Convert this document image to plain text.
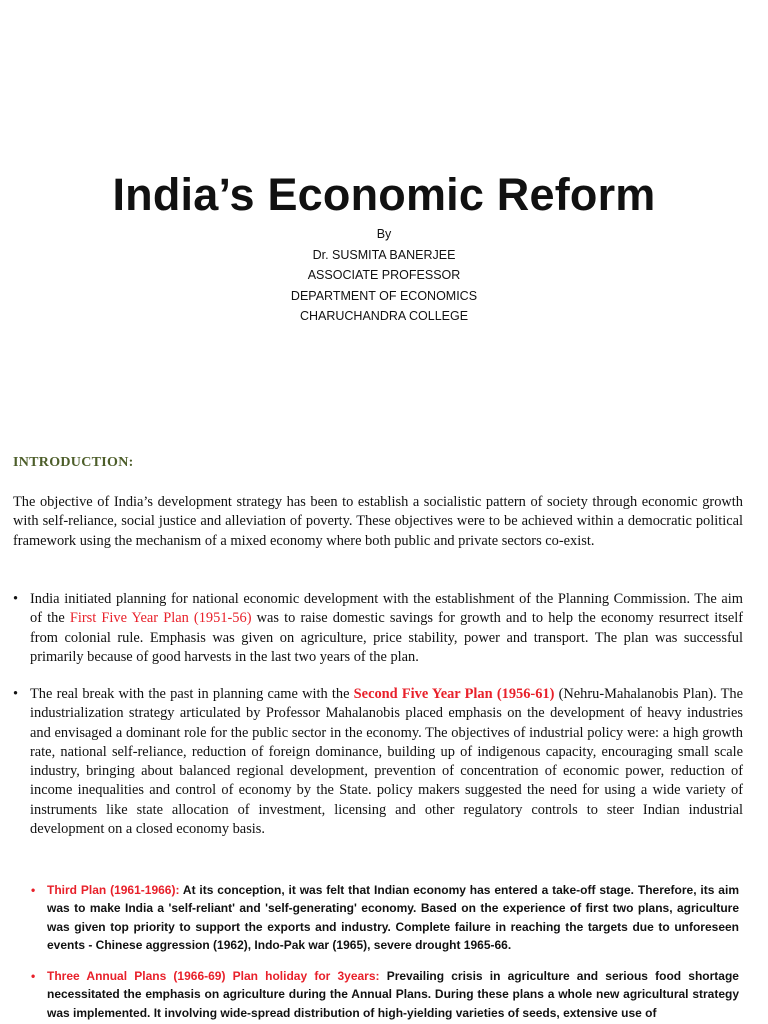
India’s Economic Reform
By
Dr. SUSMITA BANERJEE
ASSOCIATE PROFESSOR
DEPARTMENT OF ECONOMICS
CHARUCHANDRA COLLEGE
INTRODUCTION:
The objective of India’s development strategy has been to establish a socialistic pattern of society through economic growth with self-reliance, social justice and alleviation of poverty. These objectives were to be achieved within a democratic political framework using the mechanism of a mixed economy where both public and private sectors co-exist.
• India initiated planning for national economic development with the establishment of the Planning Commission. The aim of the First Five Year Plan (1951-56) was to raise domestic savings for growth and to help the economy resurrect itself from colonial rule. Emphasis was given on agriculture, price stability, power and transport. The plan was successful primarily because of good harvests in the last two years of the plan.
• The real break with the past in planning came with the Second Five Year Plan (1956-61) (Nehru-Mahalanobis Plan). The industrialization strategy articulated by Professor Mahalanobis placed emphasis on the development of heavy industries and envisaged a dominant role for the public sector in the economy. The objectives of industrial policy were: a high growth rate, national self-reliance, reduction of foreign dominance, building up of indigenous capacity, encouraging small scale industry, bringing about balanced regional development, prevention of concentration of economic power, reduction of income inequalities and control of economy by the State. policy makers suggested the need for using a wide variety of instruments like state allocation of investment, licensing and other regulatory controls to steer Indian industrial development on a closed economy basis.
• Third Plan (1961-1966): At its conception, it was felt that Indian economy has entered a take-off stage. Therefore, its aim was to make India a 'self-reliant' and 'self-generating' economy. Based on the experience of first two plans, agriculture was given top priority to support the exports and industry. Complete failure in reaching the targets due to unforeseen events - Chinese aggression (1962), Indo-Pak war (1965), severe drought 1965-66.
• Three Annual Plans (1966-69) Plan holiday for 3years: Prevailing crisis in agriculture and serious food shortage necessitated the emphasis on agriculture during the Annual Plans. During these plans a whole new agricultural strategy was implemented. It involving wide-spread distribution of high-yielding varieties of seeds, extensive use of
